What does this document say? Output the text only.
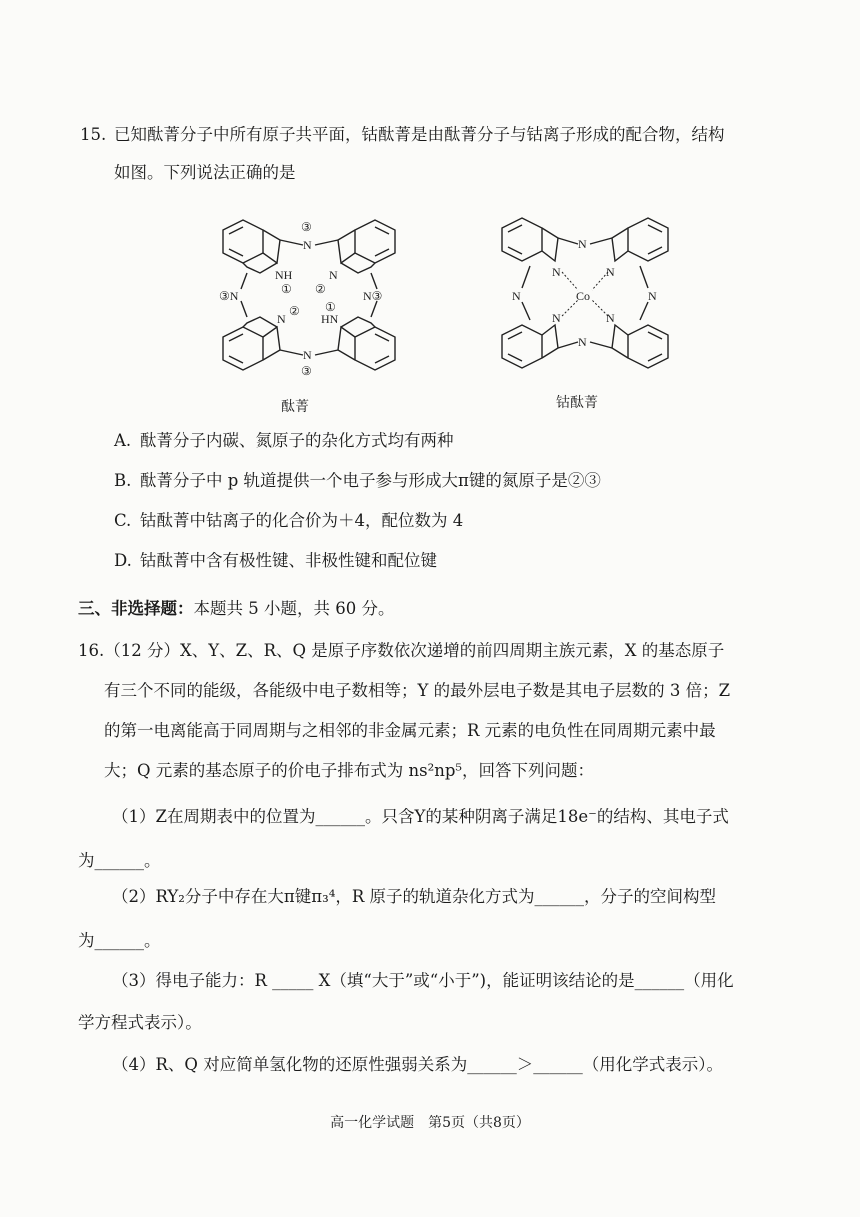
15. 已知酞菁分子中所有原子共平面，钴酞菁是由酞菁分子与钴离子形成的配合物，结构
如图。下列说法正确的是
N
N
NH
HN
N
N
N③
③N
③
③
①
①
②
②
酞菁
N
N
N	N
N	N
N	N
Co
钴酞菁
A. 酞菁分子内碳、氮原子的杂化方式均有两种
B. 酞菁分子中 p 轨道提供一个电子参与形成大π键的氮原子是②③
C. 钴酞菁中钴离子的化合价为＋4，配位数为 4
D. 钴酞菁中含有极性键、非极性键和配位键
三、非选择题：本题共 5 小题，共 60 分。
16.（12 分）X、Y、Z、R、Q 是原子序数依次递增的前四周期主族元素，X 的基态原子
有三个不同的能级，各能级中电子数相等；Y 的最外层电子数是其电子层数的 3 倍；Z
的第一电离能高于同周期与之相邻的非金属元素；R 元素的电负性在同周期元素中最
大；Q 元素的基态原子的价电子排布式为 ns²np⁵，回答下列问题：
（1）Z在周期表中的位置为______。只含Y的某种阴离子满足18e⁻的结构、其电子式
为______。
（2）RY₂分子中存在大π键π₃⁴，R 原子的轨道杂化方式为______，分子的空间构型
为______。
（3）得电子能力：R _____ X（填“大于”或“小于”)，能证明该结论的是______（用化
学方程式表示）。
（4）R、Q 对应简单氢化物的还原性强弱关系为______＞______（用化学式表示）。
高一化学试题　第5页（共8页）
